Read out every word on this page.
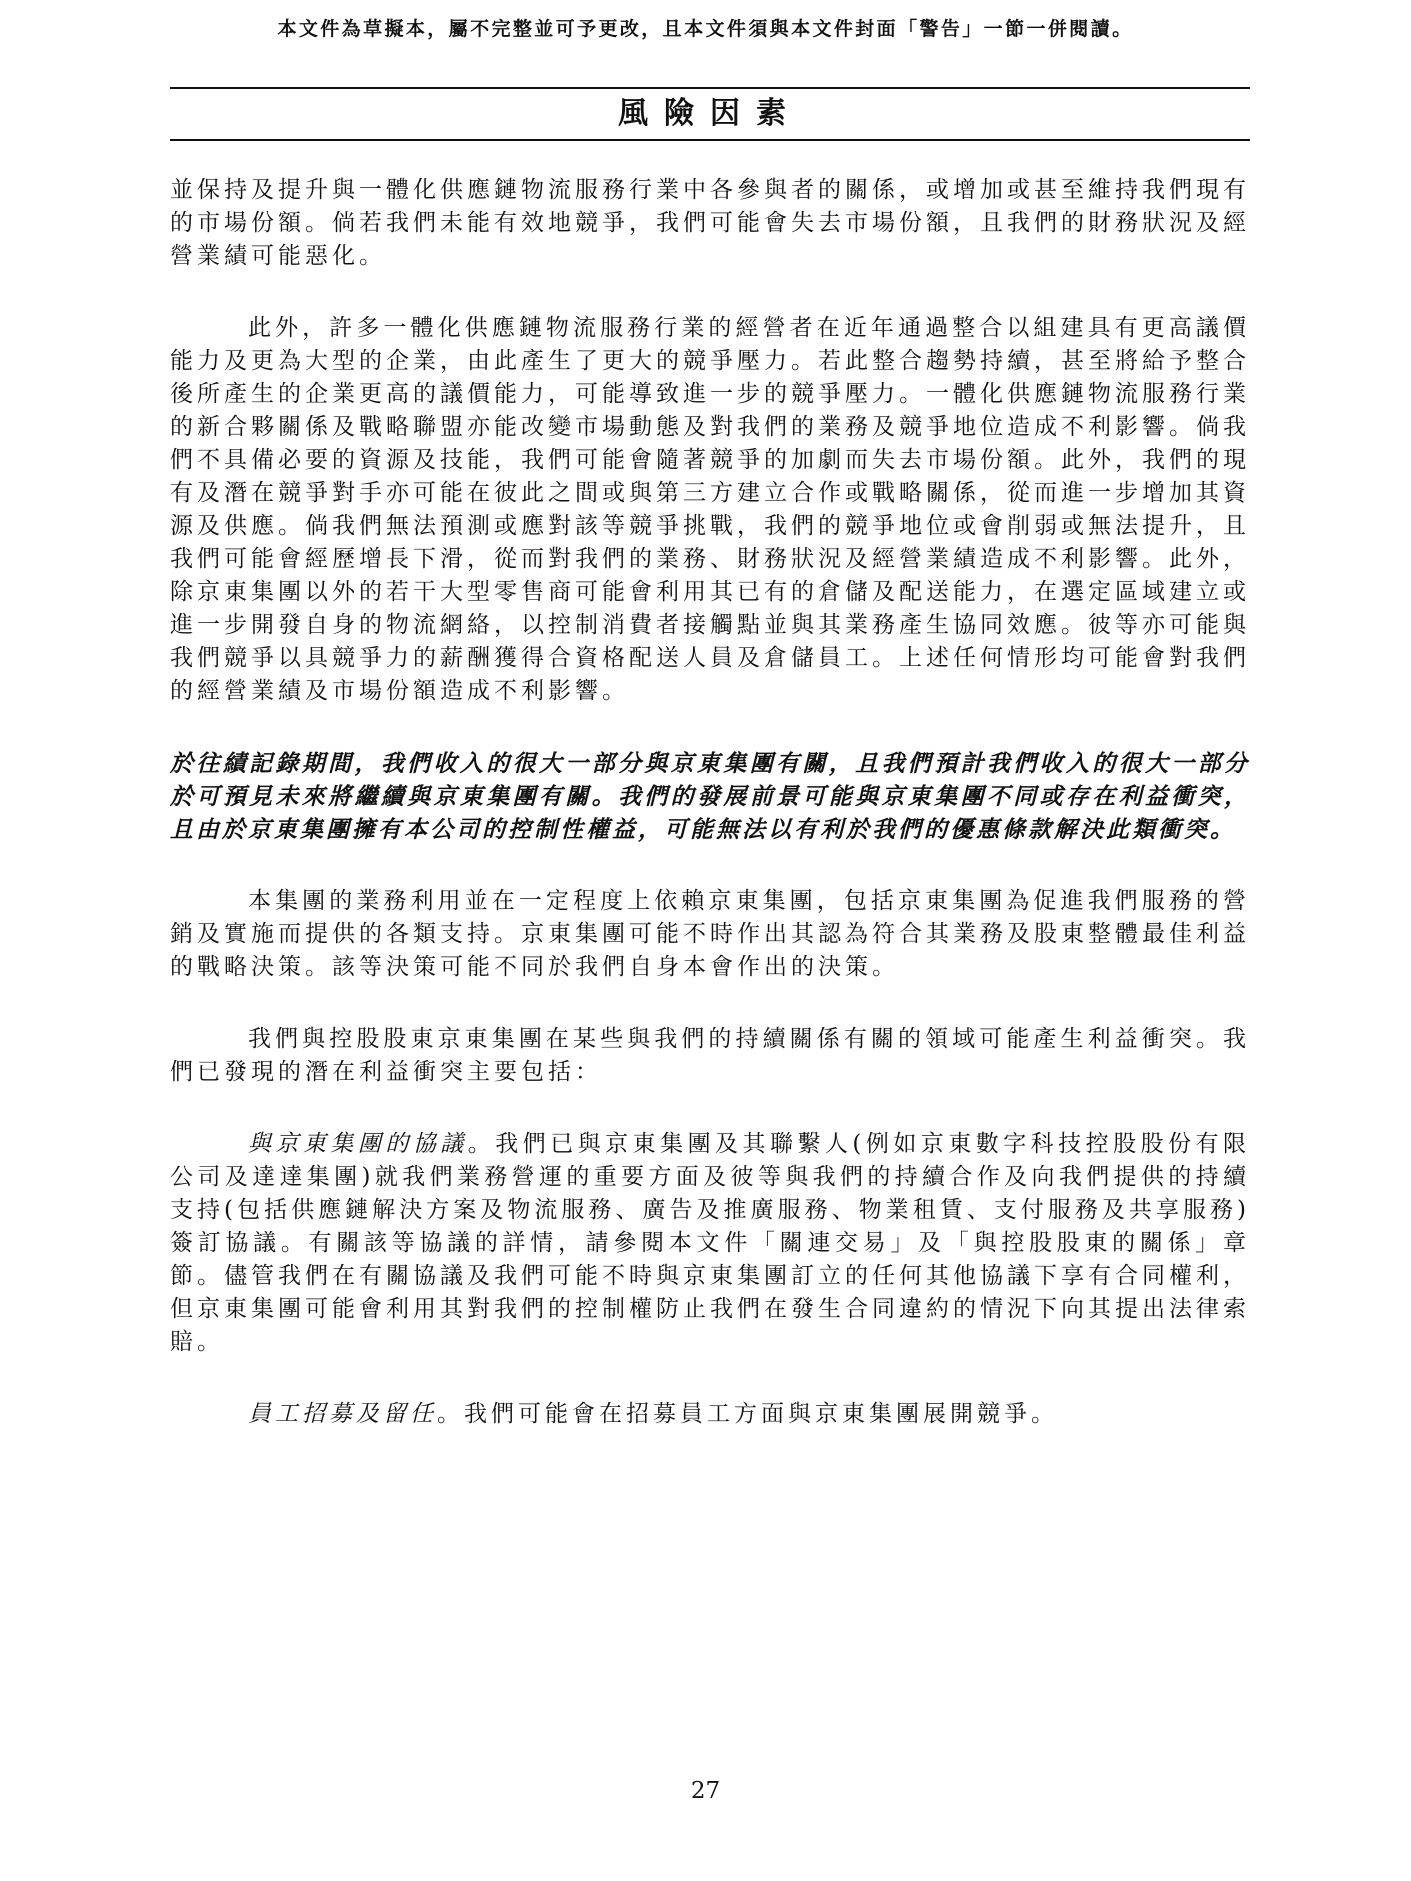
本文件為草擬本，屬不完整並可予更改，且本文件須與本文件封面「警告」一節一併閱讀。
風險因素

並保持及提升與一體化供應鏈物流服務行業中各參與者的關係，或增加或甚至維持我們現有的市場份額。倘若我們未能有效地競爭，我們可能會失去市場份額，且我們的財務狀況及經營業績可能惡化。

此外，許多一體化供應鏈物流服務行業的經營者在近年通過整合以組建具有更高議價能力及更為大型的企業，由此產生了更大的競爭壓力。若此整合趨勢持續，甚至將給予整合後所產生的企業更高的議價能力，可能導致進一步的競爭壓力。一體化供應鏈物流服務行業的新合夥關係及戰略聯盟亦能改變市場動態及對我們的業務及競爭地位造成不利影響。倘我們不具備必要的資源及技能，我們可能會隨著競爭的加劇而失去市場份額。此外，我們的現有及潛在競爭對手亦可能在彼此之間或與第三方建立合作或戰略關係，從而進一步增加其資源及供應。倘我們無法預測或應對該等競爭挑戰，我們的競爭地位或會削弱或無法提升，且我們可能會經歷增長下滑，從而對我們的業務、財務狀況及經營業績造成不利影響。此外，除京東集團以外的若干大型零售商可能會利用其已有的倉儲及配送能力，在選定區域建立或進一步開發自身的物流網絡，以控制消費者接觸點並與其業務產生協同效應。彼等亦可能與我們競爭以具競爭力的薪酬獲得合資格配送人員及倉儲員工。上述任何情形均可能會對我們的經營業績及市場份額造成不利影響。

於往績記錄期間，我們收入的很大一部分與京東集團有關，且我們預計我們收入的很大一部分於可預見未來將繼續與京東集團有關。我們的發展前景可能與京東集團不同或存在利益衝突，且由於京東集團擁有本公司的控制性權益，可能無法以有利於我們的優惠條款解決此類衝突。

本集團的業務利用並在一定程度上依賴京東集團，包括京東集團為促進我們服務的營銷及實施而提供的各類支持。京東集團可能不時作出其認為符合其業務及股東整體最佳利益的戰略決策。該等決策可能不同於我們自身本會作出的決策。

我們與控股股東京東集團在某些與我們的持續關係有關的領域可能產生利益衝突。我們已發現的潛在利益衝突主要包括：

與京東集團的協議。我們已與京東集團及其聯繫人(例如京東數字科技控股股份有限公司及達達集團)就我們業務營運的重要方面及彼等與我們的持續合作及向我們提供的持續支持(包括供應鏈解決方案及物流服務、廣告及推廣服務、物業租賃、支付服務及共享服務)簽訂協議。有關該等協議的詳情，請參閱本文件「關連交易」及「與控股股東的關係」章節。儘管我們在有關協議及我們可能不時與京東集團訂立的任何其他協議下享有合同權利，但京東集團可能會利用其對我們的控制權防止我們在發生合同違約的情況下向其提出法律索賠。

員工招募及留任。我們可能會在招募員工方面與京東集團展開競爭。

27
